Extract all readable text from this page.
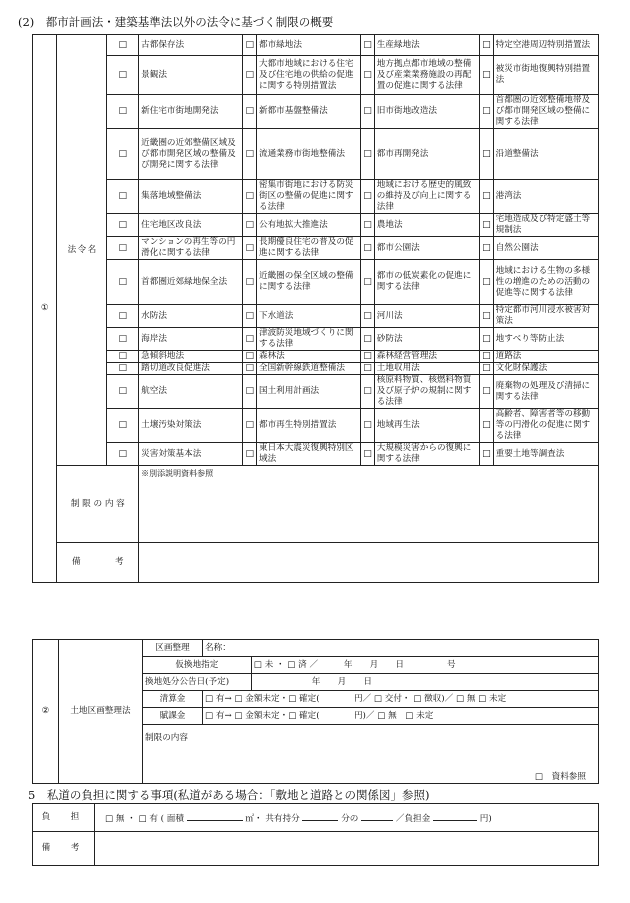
(2)　都市計画法・建築基準法以外の法令に基づく制限の概要
①	法令名	□	古都保存法	□	都市緑地法	□	生産緑地法	□	特定空港周辺特別措置法
		□	景観法	□	大都市地域における住宅及び住宅地の供給の促進に関する特別措置法	□	地方拠点都市地域の整備及び産業業務施設の再配置の促進に関する法律	□	被災市街地復興特別措置法
		□	新住宅市街地開発法	□	新都市基盤整備法	□	旧市街地改造法	□	首都圏の近郊整備地帯及び都市開発区域の整備に関する法律
		□	近畿圏の近郊整備区域及び都市開発区域の整備及び開発に関する法律	□	流通業務市街地整備法	□	都市再開発法	□	沿道整備法
		□	集落地域整備法	□	密集市街地における防災街区の整備の促進に関する法律	□	地域における歴史的風致の維持及び向上に関する法律	□	港湾法
		□	住宅地区改良法	□	公有地拡大推進法	□	農地法	□	宅地造成及び特定盛土等規制法
		□	マンションの再生等の円滑化に関する法律	□	長期優良住宅の普及の促進に関する法律	□	都市公園法	□	自然公園法
		□	首都圏近郊緑地保全法	□	近畿圏の保全区域の整備に関する法律	□	都市の低炭素化の促進に関する法律	□	地域における生物の多様性の増進のための活動の促進等に関する法律
		□	水防法	□	下水道法	□	河川法	□	特定都市河川浸水被害対策法
		□	海岸法	□	津波防災地域づくりに関する法律	□	砂防法	□	地すべり等防止法
		□	急傾斜地法	□	森林法	□	森林経営管理法	□	道路法
		□	踏切道改良促進法	□	全国新幹線鉄道整備法	□	土地収用法	□	文化財保護法
		□	航空法	□	国土利用計画法	□	核原料物質、核燃料物質及び原子炉の規制に関する法律	□	廃棄物の処理及び清掃に関する法律
		□	土壌汚染対策法	□	都市再生特別措置法	□	地域再生法	□	高齢者、障害者等の移動等の円滑化の促進に関する法律
		□	災害対策基本法	□	東日本大震災復興特別区域法	□	大規模災害からの復興に関する法律	□	重要土地等調査法
	制 限 の 内 容		※別添説明資料参照						
	備　　　　考								
②	土地区画整理法	区画整理	名称：	
		仮換地指定		□ 未 ・ □ 済 ／　　　年　　月　　日　　　　　号
		換地処分公告日(予定)		年　　月　　日
		清算金	□ 有→ □ 金額未定・□ 確定(　　　　円／ □ 交付・ □ 徴収)／ □ 無 □ 未定	
		賦課金	□ 有→ □ 金額未定・□ 確定(　　　　円)／ □ 無　□ 未定	
		制限の内容
□　資料参照		

5　私道の負担に関する事項(私道がある場合：「敷地と道路との関係図」参照)
負　担	□ 無 ・ □ 有 ( 面積 ㎡・ 共有持分 分の ／負担金 円)
備　考	
